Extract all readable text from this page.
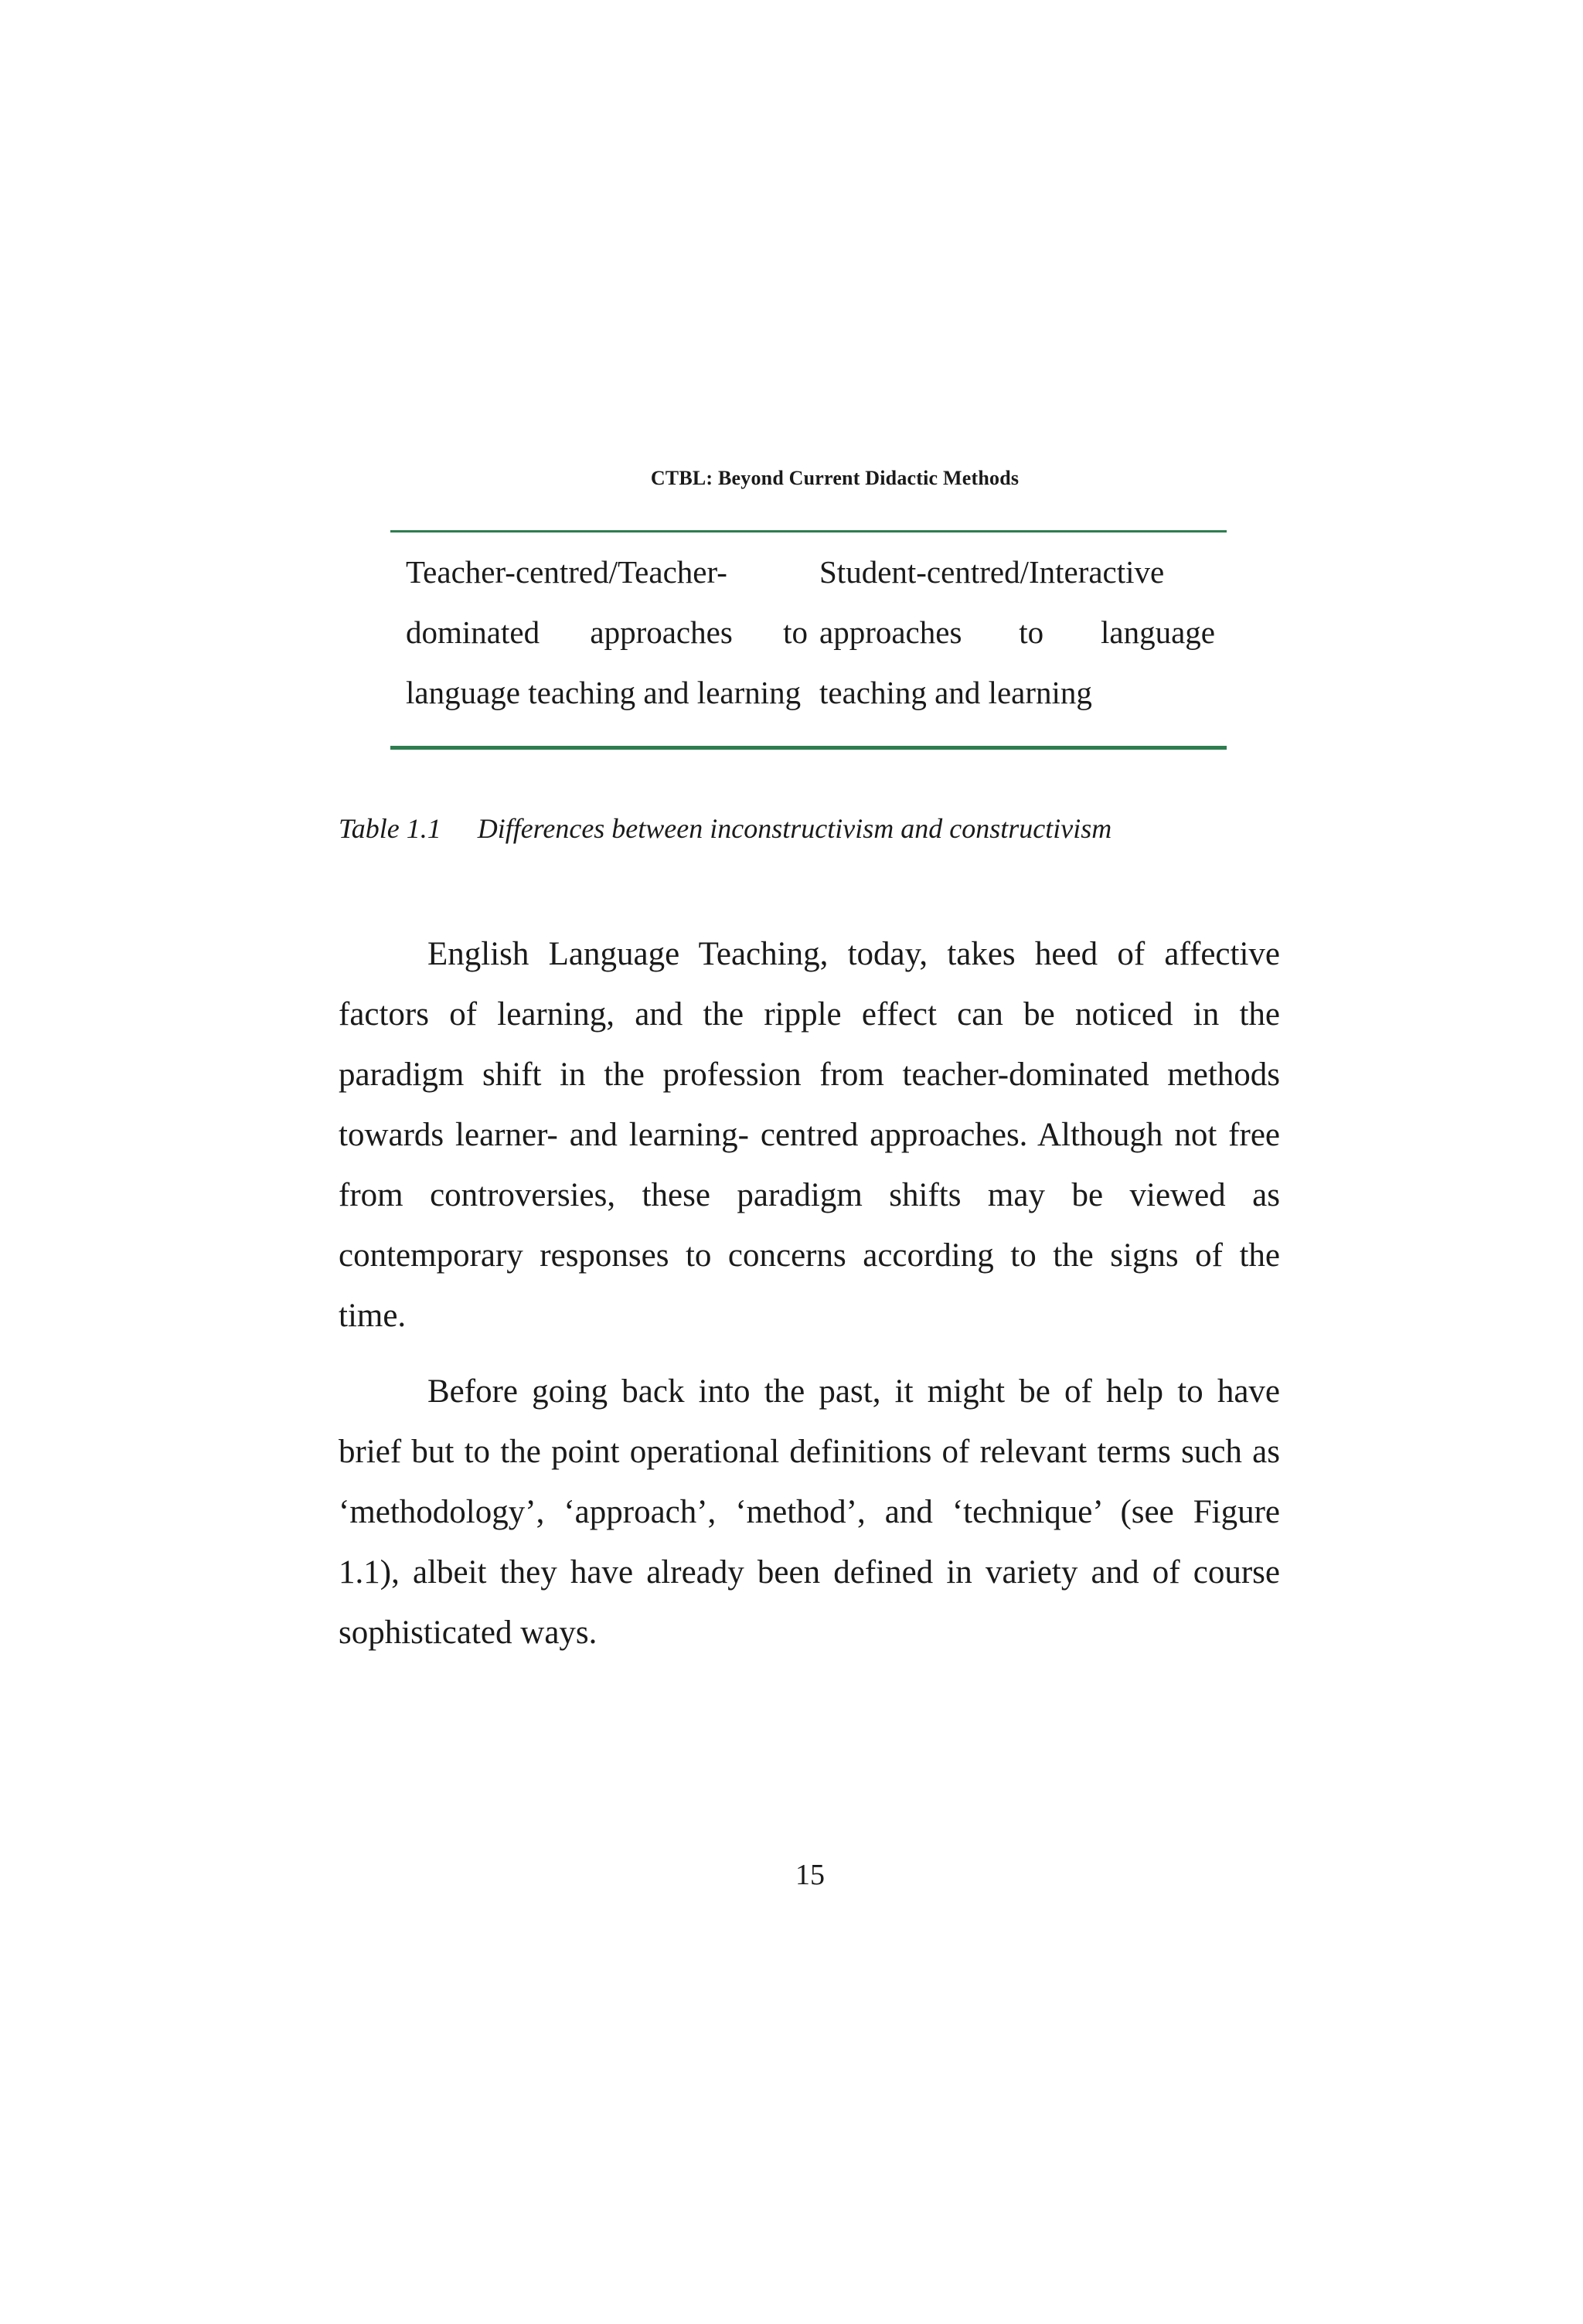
CTBL: Beyond Current Didactic Methods
Teacher-centred/Teacher-dominated approaches to language teaching and learning
Student-centred/Interactive approaches to language teaching and learning
Table 1.1 Differences between inconstructivism and constructivism

English Language Teaching, today, takes heed of affective factors of learning, and the ripple effect can be noticed in the paradigm shift in the profession from teacher-dominated methods towards learner- and learning- centred approaches. Although not free from controversies, these paradigm shifts may be viewed as contemporary responses to concerns according to the signs of the time.

Before going back into the past, it might be of help to have brief but to the point operational definitions of relevant terms such as ‘methodology’, ‘approach’, ‘method’, and ‘technique’ (see Figure 1.1), albeit they have already been defined in variety and of course sophisticated ways.

15
